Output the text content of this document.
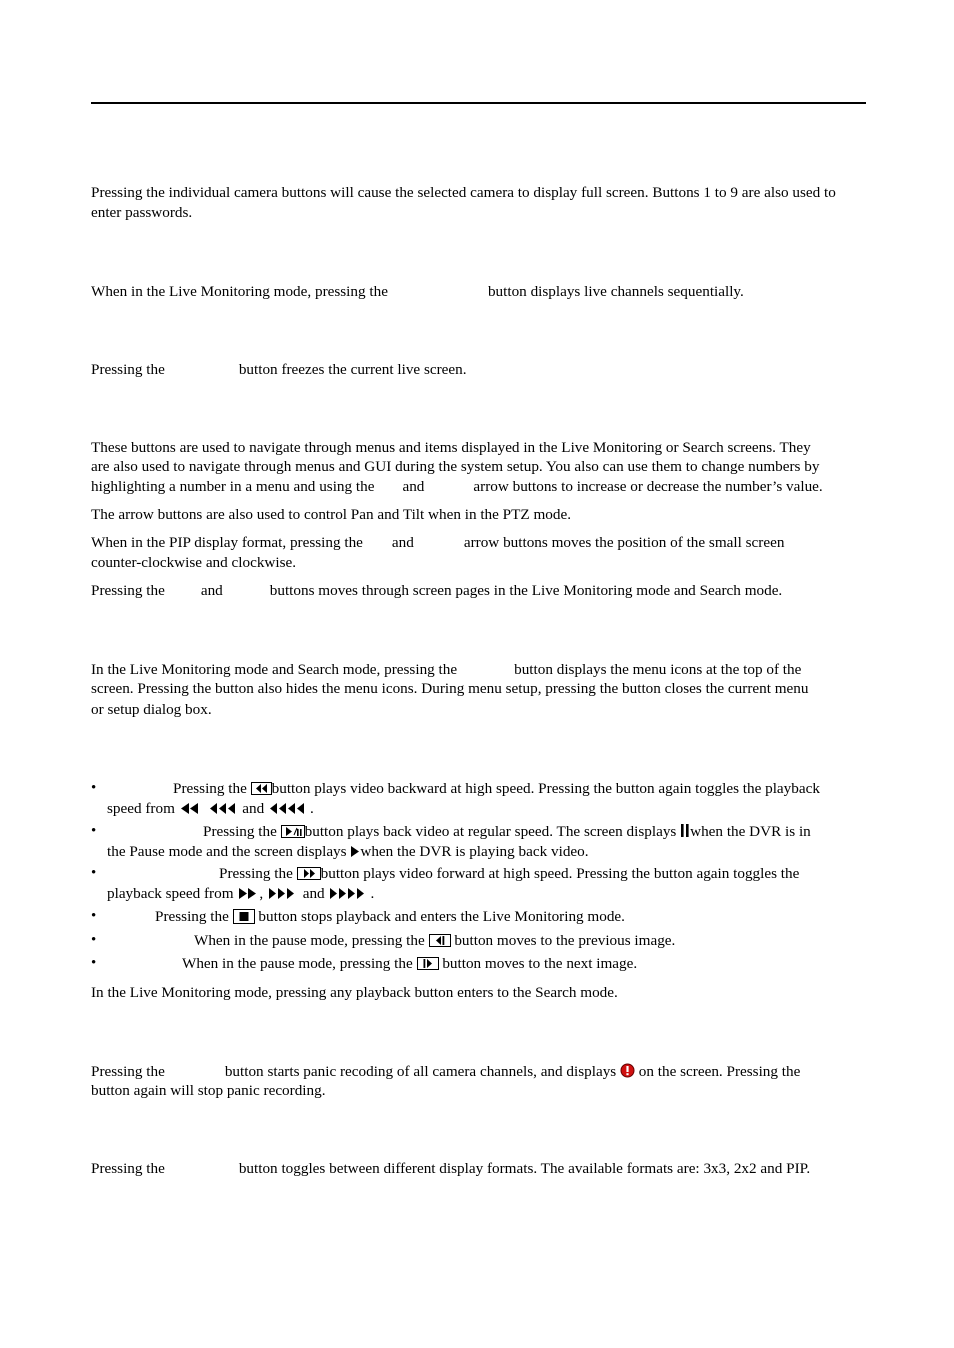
Pressing the individual camera buttons will cause the selected camera to display full screen. Buttons 1 to 9 are also used to enter passwords.

When in the Live Monitoring mode, pressing the	button displays live channels sequentially.
Pressing the	button freezes the current live screen.
These buttons are used to navigate through menus and items displayed in the Live Monitoring or Search screens. They
are also used to navigate through menus and GUI during the system setup. You also can use them to change numbers by
highlighting a number in a menu and using the and	arrow buttons to increase or decrease the number’s value.
The arrow buttons are also used to control Pan and Tilt when in the PTZ mode.
When in the PIP display format, pressing the and	arrow buttons moves the position of the small screen
counter-clockwise and clockwise.
Pressing the and	buttons moves through screen pages in the Live Monitoring mode and Search mode.
In the Live Monitoring mode and Search mode, pressing the	button displays the menu icons at the top of the
screen. Pressing the button also hides the menu icons. During menu setup, pressing the button closes the current menu
or setup dialog box.
•	Pressing the button plays video backward at high speed. Pressing the button again toggles the playback
speed from	and	.
•	Pressing the button plays back video at regular speed. The screen displays when the DVR is in
the Pause mode and the screen displays when the DVR is playing back video.
•	Pressing the button plays video forward at high speed. Pressing the button again toggles the
playback speed from ,	and	.
•	Pressing the button stops playback and enters the Live Monitoring mode.
•	When in the pause mode, pressing the button moves to the previous image.
•	When in the pause mode, pressing the button moves to the next image.
In the Live Monitoring mode, pressing any playback button enters to the Search mode.
Pressing the	button starts panic recoding of all camera channels, and displays on the screen. Pressing the
button again will stop panic recording.
Pressing the	button toggles between different display formats. The available formats are: 3x3, 2x2 and PIP.
